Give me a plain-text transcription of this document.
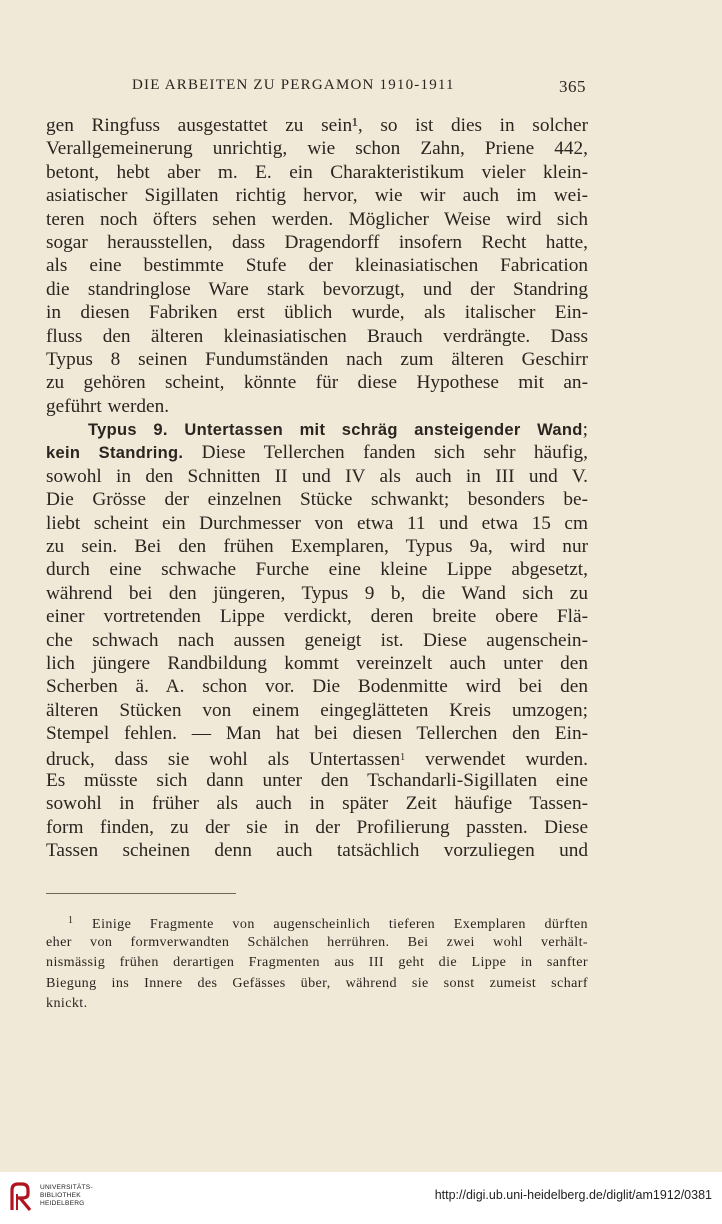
DIE ARBEITEN ZU PERGAMON 1910-1911	365
gen Ringfuss ausgestattet zu sein¹, so ist dies in solcher
Verallgemeinerung unrichtig, wie schon Zahn, Priene 442,
betont, hebt aber m. E. ein Charakteristikum vieler klein-
asiatischer Sigillaten richtig hervor, wie wir auch im wei-
teren noch öfters sehen werden. Möglicher Weise wird sich
sogar herausstellen, dass Dragendorff insofern Recht hatte,
als eine bestimmte Stufe der kleinasiatischen Fabrication
die standringlose Ware stark bevorzugt, und der Standring
in diesen Fabriken erst üblich wurde, als italischer Ein-
fluss den älteren kleinasiatischen Brauch verdrängte. Dass
Typus 8 seinen Fundumständen nach zum älteren Geschirr
zu gehören scheint, könnte für diese Hypothese mit an-
geführt werden.
Typus 9. Untertassen mit schräg ansteigender Wand;
kein Standring. Diese Tellerchen fanden sich sehr häufig,
sowohl in den Schnitten II und IV als auch in III und V.
Die Grösse der einzelnen Stücke schwankt; besonders be-
liebt scheint ein Durchmesser von etwa 11 und etwa 15 cm
zu sein. Bei den frühen Exemplaren, Typus 9a, wird nur
durch eine schwache Furche eine kleine Lippe abgesetzt,
während bei den jüngeren, Typus 9 b, die Wand sich zu
einer vortretenden Lippe verdickt, deren breite obere Flä-
che schwach nach aussen geneigt ist. Diese augenschein-
lich jüngere Randbildung kommt vereinzelt auch unter den
Scherben ä. A. schon vor. Die Bodenmitte wird bei den
älteren Stücken von einem eingeglätteten Kreis umzogen;
Stempel fehlen. — Man hat bei diesen Tellerchen den Ein-
druck, dass sie wohl als Untertassen$^1$ verwendet wurden.
Es müsste sich dann unter den Tschandarli-Sigillaten eine
sowohl in früher als auch in später Zeit häufige Tassen-
form finden, zu der sie in der Profilierung passten. Diese
Tassen scheinen denn auch tatsächlich vorzuliegen und
$^1$ Einige Fragmente von augenscheinlich tieferen Exemplaren dürften
eher von formverwandten Schälchen herrühren. Bei zwei wohl verhält-
nismässig frühen derartigen Fragmenten aus III geht die Lippe in sanfter
Biegung ins Innere des Gefässes über, während sie sonst zumeist scharf
knickt.
UNIVERSITÄTS-
BIBLIOTHEK
HEIDELBERG
http://digi.ub.uni-heidelberg.de/diglit/am1912/0381
